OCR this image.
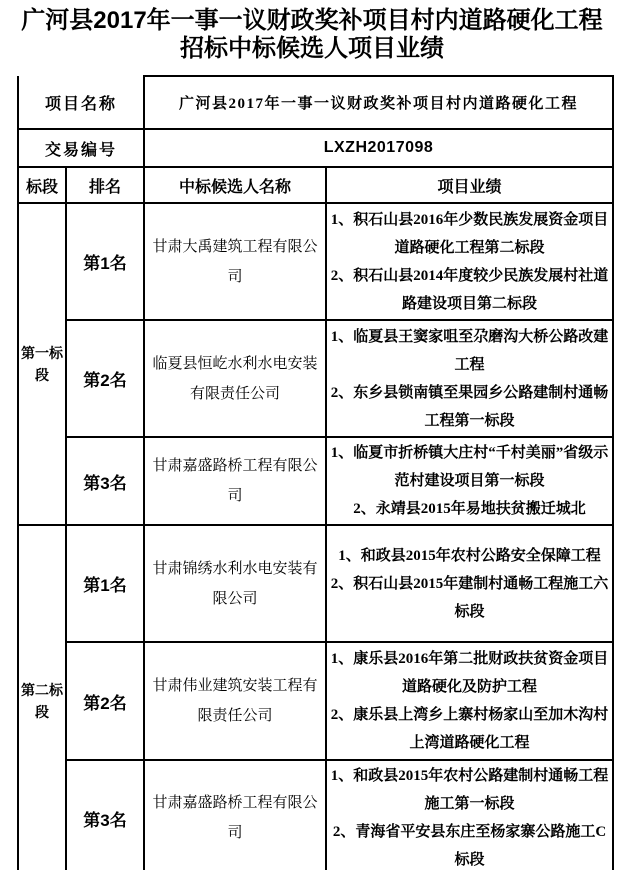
广河县2017年一事一议财政奖补项目村内道路硬化工程
招标中标候选人项目业绩
项目名称		广河县2017年一事一议财政奖补项目村内道路硬化工程	
交易编号		LXZH2017098	
标段	排名	中标候选人名称	项目业绩
第一标段	第1名	甘肃大禹建筑工程有限公司	1、积石山县2016年少数民族发展资金项目道路硬化工程第二标段
2、积石山县2014年度较少民族发展村社道路建设项目第二标段

	第2名	临夏县恒屹水利水电安装有限责任公司	1、临夏县王窦家咀至尕磨沟大桥公路改建工程
2、东乡县锁南镇至果园乡公路建制村通畅工程第一标段

	第3名	甘肃嘉盛路桥工程有限公司	1、临夏市折桥镇大庄村“千村美丽”省级示范村建设项目第一标段
2、永靖县2015年易地扶贫搬迁城北

第二标段	第1名	甘肃锦绣水利水电安装有限公司	1、和政县2015年农村公路安全保障工程
2、积石山县2015年建制村通畅工程施工六标段

	第2名	甘肃伟业建筑安装工程有限责任公司	1、康乐县2016年第二批财政扶贫资金项目道路硬化及防护工程
2、康乐县上湾乡上寨村杨家山至加木沟村上湾道路硬化工程

	第3名	甘肃嘉盛路桥工程有限公司	1、和政县2015年农村公路建制村通畅工程施工第一标段
2、青海省平安县东庄至杨家寨公路施工C标段
